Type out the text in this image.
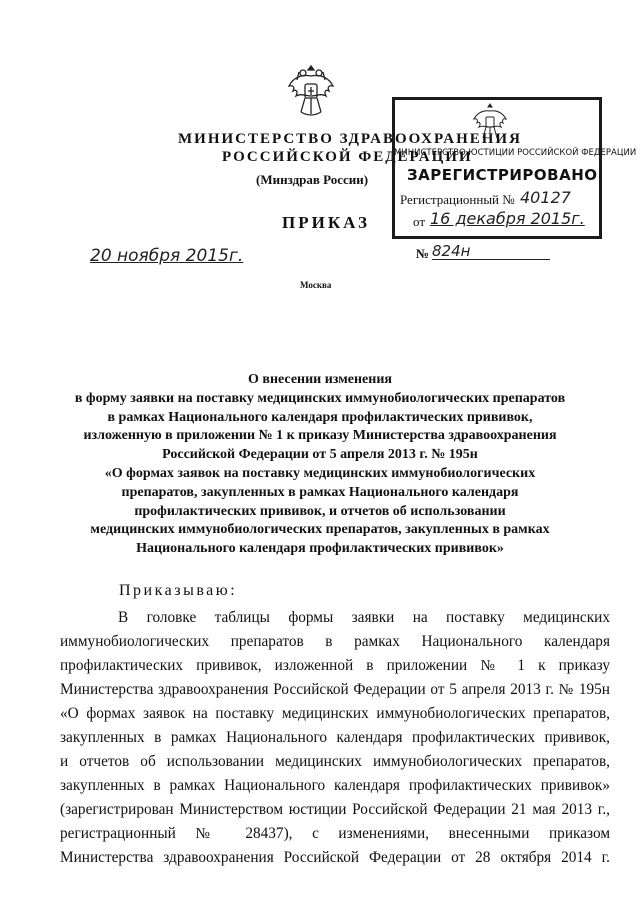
МИНИСТЕРСТВО ЗДРАВООХРАНЕНИЯ
РОССИЙСКОЙ ФЕДЕРАЦИИ
(Минздрав России)
ПРИКАЗ
20 ноября 2015г.
Москва
№ 824н
МИНИСТЕРСТВО ЮСТИЦИИ РОССИЙСКОЙ ФЕДЕРАЦИИ
ЗАРЕГИСТРИРОВАНО
Регистрационный № 40127
от 16 декабря 2015г.
О внесении изменения
в форму заявки на поставку медицинских иммунобиологических препаратов
в рамках Национального календаря профилактических прививок,
изложенную в приложении № 1 к приказу Министерства здравоохранения
Российской Федерации от 5 апреля 2013 г. № 195н
«О формах заявок на поставку медицинских иммунобиологических
препаратов, закупленных в рамках Национального календаря
профилактических прививок, и отчетов об использовании
медицинских иммунобиологических препаратов, закупленных в рамках
Национального календаря профилактических прививок»
Приказываю:
В головке таблицы формы заявки на поставку медицинских
иммунобиологических препаратов в рамках Национального календаря
профилактических прививок, изложенной в приложении № 1 к приказу
Министерства здравоохранения Российской Федерации от 5 апреля 2013 г. № 195н
«О формах заявок на поставку медицинских иммунобиологических препаратов,
закупленных в рамках Национального календаря профилактических прививок,
и отчетов об использовании медицинских иммунобиологических препаратов,
закупленных в рамках Национального календаря профилактических прививок»
(зарегистрирован Министерством юстиции Российской Федерации 21 мая 2013 г.,
регистрационный № 28437), с изменениями, внесенными приказом
Министерства здравоохранения Российской Федерации от 28 октября 2014 г.
